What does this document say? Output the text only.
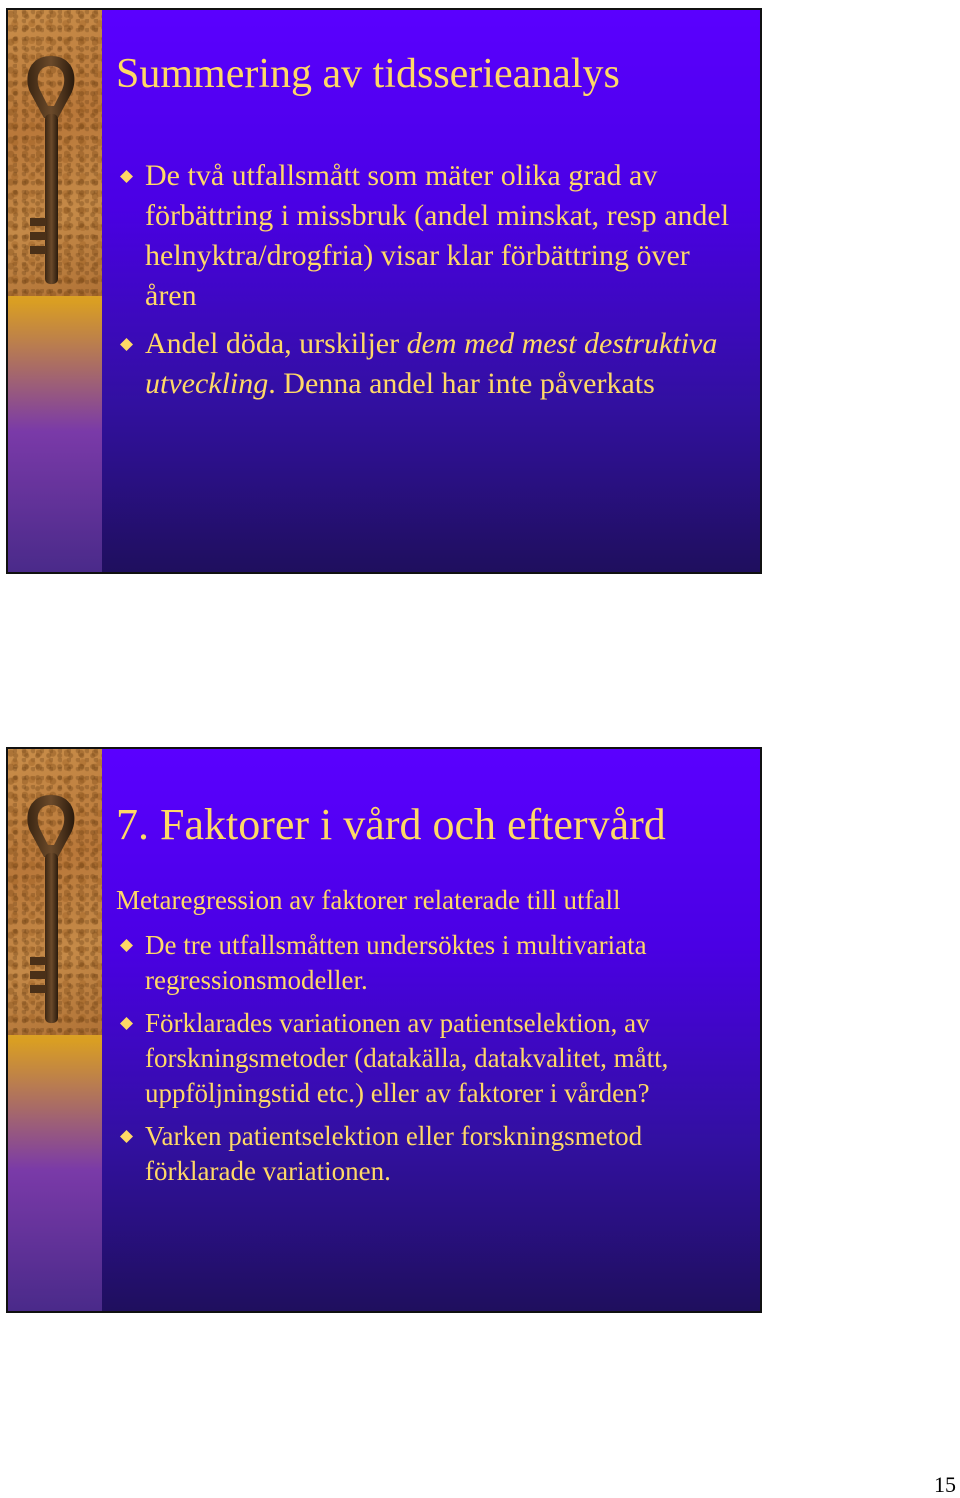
Summering av tidsserieanalys
De två utfallsmått som mäter olika grad av förbättring i missbruk (andel minskat, resp andel helnyktra/drogfria) visar klar förbättring över åren
Andel döda, urskiljer dem med mest destruktiva utveckling. Denna andel har inte påverkats
7. Faktorer i vård och eftervård
Metaregression av faktorer relaterade till utfall
De tre utfallsmåtten undersöktes i multivariata regressionsmodeller.
Förklarades variationen av patientselektion, av forskningsmetoder (datakälla, datakvalitet, mått, uppföljningstid etc.) eller av faktorer i vården?
Varken patientselektion eller forskningsmetod förklarade variationen.
15
